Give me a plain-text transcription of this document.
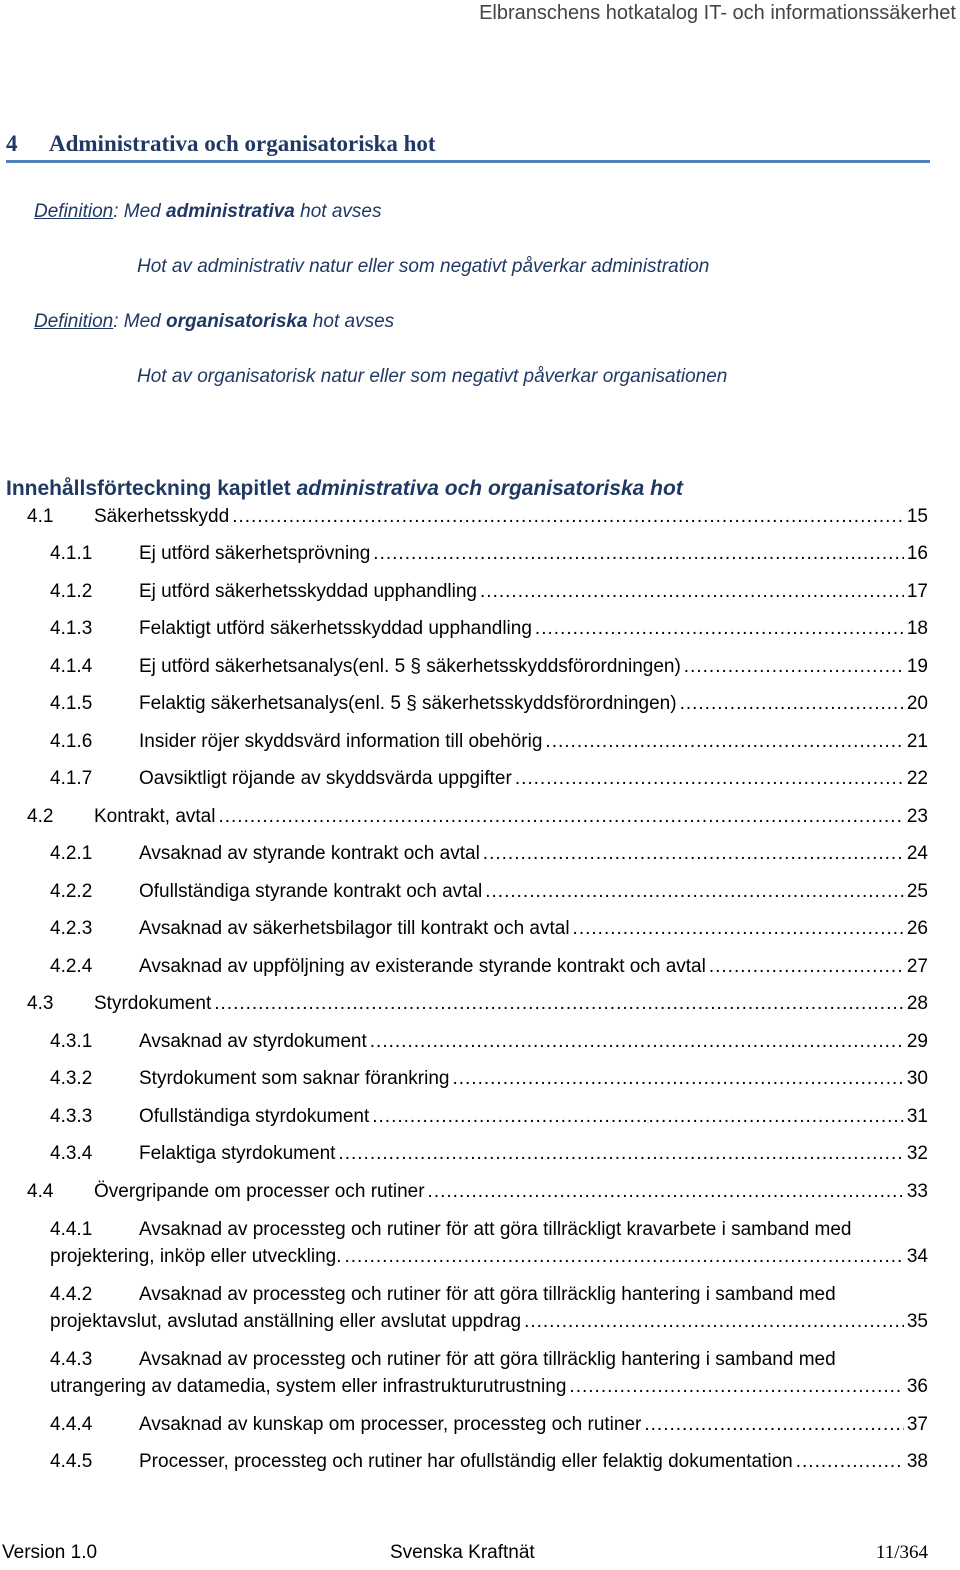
Elbranschens hotkatalog IT- och informationssäkerhet
4 Administrativa och organisatoriska hot
Definition: Med administrativa hot avses
Hot av administrativ natur eller som negativt påverkar administration
Definition: Med organisatoriska hot avses
Hot av organisatorisk natur eller som negativt påverkar organisationen
Innehållsförteckning kapitlet administrativa och organisatoriska hot
4.1	Säkerhetsskydd .....	15
4.1.1	Ej utförd säkerhetsprövning .....	16
4.1.2	Ej utförd säkerhetsskyddad upphandling .....	17
4.1.3	Felaktigt utförd säkerhetsskyddad upphandling .....	18
4.1.4	Ej utförd säkerhetsanalys(enl. 5 § säkerhetsskyddsförordningen) .....	19
4.1.5	Felaktig säkerhetsanalys(enl. 5 § säkerhetsskyddsförordningen) .....	20
4.1.6	Insider röjer skyddsvärd information till obehörig .....	21
4.1.7	Oavsiktligt röjande av skyddsvärda uppgifter .....	22
4.2	Kontrakt, avtal .....	23
4.2.1	Avsaknad av styrande kontrakt och avtal .....	24
4.2.2	Ofullständiga styrande kontrakt och avtal .....	25
4.2.3	Avsaknad av säkerhetsbilagor till kontrakt och avtal .....	26
4.2.4	Avsaknad av uppföljning av existerande styrande kontrakt och avtal .....	27
4.3	Styrdokument .....	28
4.3.1	Avsaknad av styrdokument .....	29
4.3.2	Styrdokument som saknar förankring .....	30
4.3.3	Ofullständiga styrdokument .....	31
4.3.4	Felaktiga styrdokument .....	32
4.4	Övergripande om processer och rutiner .....	33
4.4.1 Avsaknad av processteg och rutiner för att göra tillräckligt kravarbete i samband med
projektering, inköp eller utveckling. .....	34
4.4.2 Avsaknad av processteg och rutiner för att göra tillräcklig hantering i samband med
projektavslut, avslutad anställning eller avslutat uppdrag .....	35
4.4.3 Avsaknad av processteg och rutiner för att göra tillräcklig hantering i samband med
utrangering av datamedia, system eller infrastrukturutrustning .....	36
4.4.4	Avsaknad av kunskap om processer, processteg och rutiner .....	37
4.4.5	Processer, processteg och rutiner har ofullständig eller felaktig dokumentation .....	38
Version 1.0	Svenska Kraftnät	11/364
